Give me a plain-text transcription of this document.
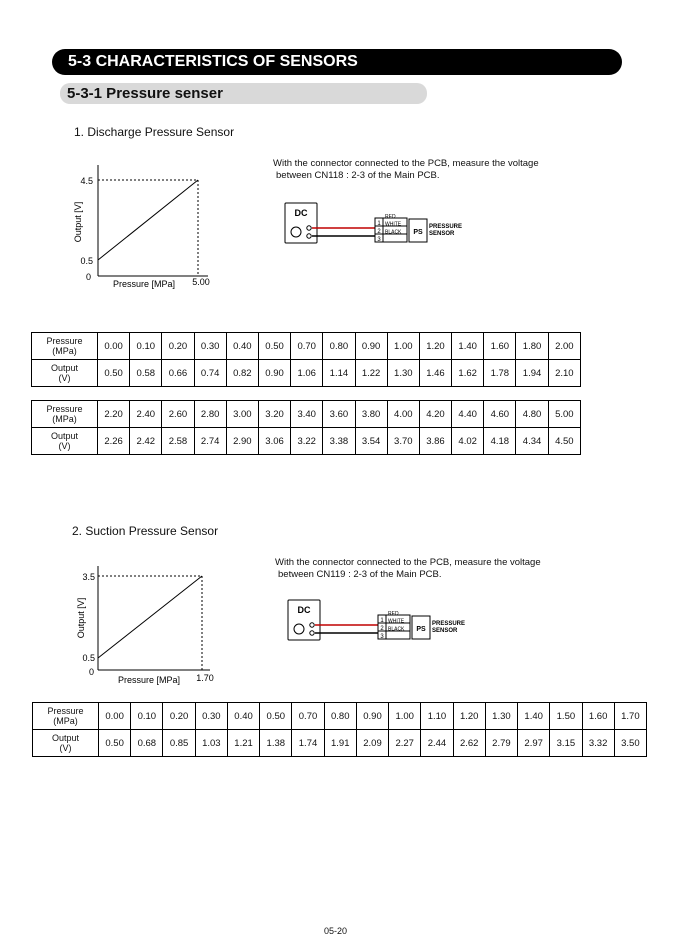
5-3 CHARACTERISTICS OF SENSORS
5-3-1 Pressure senser
1. Discharge Pressure Sensor
4.5
0.5
0	5.00
Pressure [MPa]
Output [V]
With the connector connected to the PCB, measure the voltage
between CN118 : 2-3 of the Main PCB.
DC
1
2
3
RED
WHITE
BLACK PS
PRESSURE
SENSOR
Pressure
(MPa)	0.00	0.10	0.20	0.30	0.40	0.50	0.70	0.80	0.90	1.00	1.20	1.40	1.60	1.80	2.00
Output
(V)	0.50	0.58	0.66	0.74	0.82	0.90	1.06	1.14	1.22	1.30	1.46	1.62	1.78	1.94	2.10
Pressure
(MPa)	2.20	2.40	2.60	2.80	3.00	3.20	3.40	3.60	3.80	4.00	4.20	4.40	4.60	4.80	5.00
Output
(V)	2.26	2.42	2.58	2.74	2.90	3.06	3.22	3.38	3.54	3.70	3.86	4.02	4.18	4.34	4.50
2. Suction Pressure Sensor
3.5
0.5
0
1.70
Pressure [MPa]
Output [V]
With the connector connected to the PCB, measure the voltage
between CN119 : 2-3 of the Main PCB.
DC
1
2
3
RED
WHITE
BLACK PS
PRESSURE
SENSOR
Pressure
(MPa)	0.00	0.10	0.20	0.30	0.40	0.50	0.70	0.80	0.90	1.00	1.10	1.20	1.30	1.40	1.50	1.60	1.70
Output
(V)	0.50	0.68	0.85	1.03	1.21	1.38	1.74	1.91	2.09	2.27	2.44	2.62	2.79	2.97	3.15	3.32	3.50
05-20
